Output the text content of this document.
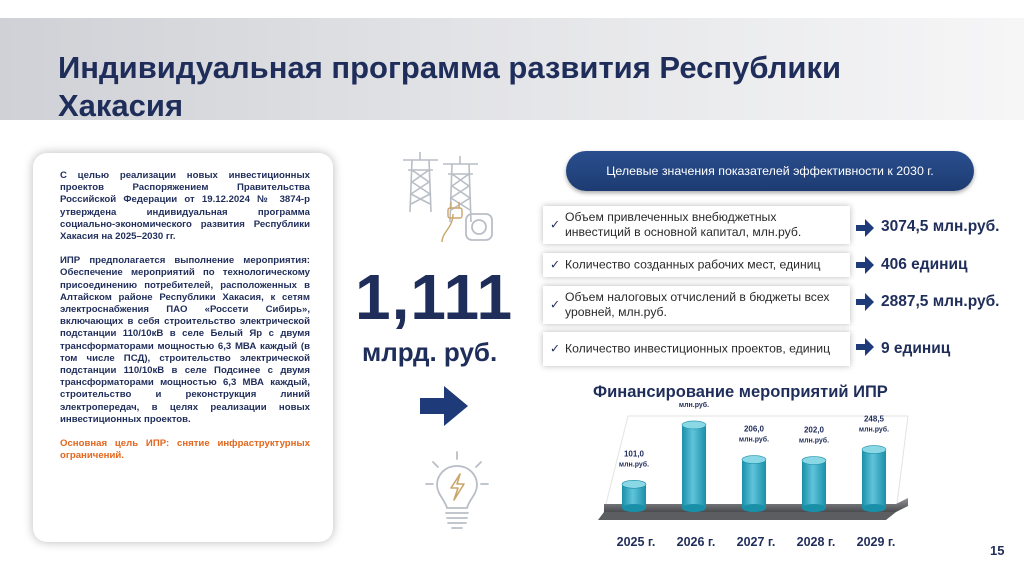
Индивидуальная программа развития Республики Хакасия

С целью реализации новых инвестиционных проектов Распоряжением Правительства Российской Федерации от 19.12.2024 № 3874-р утверждена индивидуальная программа социально-экономического развития Республики Хакасия на 2025–2030 гг.

ИПР предполагается выполнение мероприятия: Обеспечение мероприятий по технологическому присоединению потребителей, расположенных в Алтайском районе Республики Хакасия, к сетям электроснабжения ПАО «Россети Сибирь», включающих в себя строительство электрической подстанции 110/10кВ в селе Белый Яр с двумя трансформаторами мощностью 6,3 МВА каждый (в том числе ПСД), строительство электрической подстанции 110/10кВ в селе Подсинее с двумя трансформаторами мощностью 6,3 МВА каждый, строительство и реконструкция линий электропередач, в целях реализации новых инвестиционных проектов.

Основная цель ИПР: снятие инфраструктурных ограничений.

1,111
млрд. руб.
Целевые значения показателей эффективности к 2030 г.
✓
Объем привлеченных внебюджетных инвестиций в основной капитал, млн.руб.	3074,5 млн.руб.
✓ Количество созданных рабочих мест, единиц	406 единиц
✓
Объем налоговых отчислений в бюджеты всех уровней, млн.руб.
2887,5 млн.руб.
✓ Количество инвестиционных проектов, единиц	9 единиц
Финансирование мероприятий ИПР
101,0
млн.руб.
млн.руб.
206,0
млн.руб.
202,0
млн.руб.
248,5
млн.руб.
2025 г. 2026 г. 2027 г. 2028 г. 2029 г.
15
